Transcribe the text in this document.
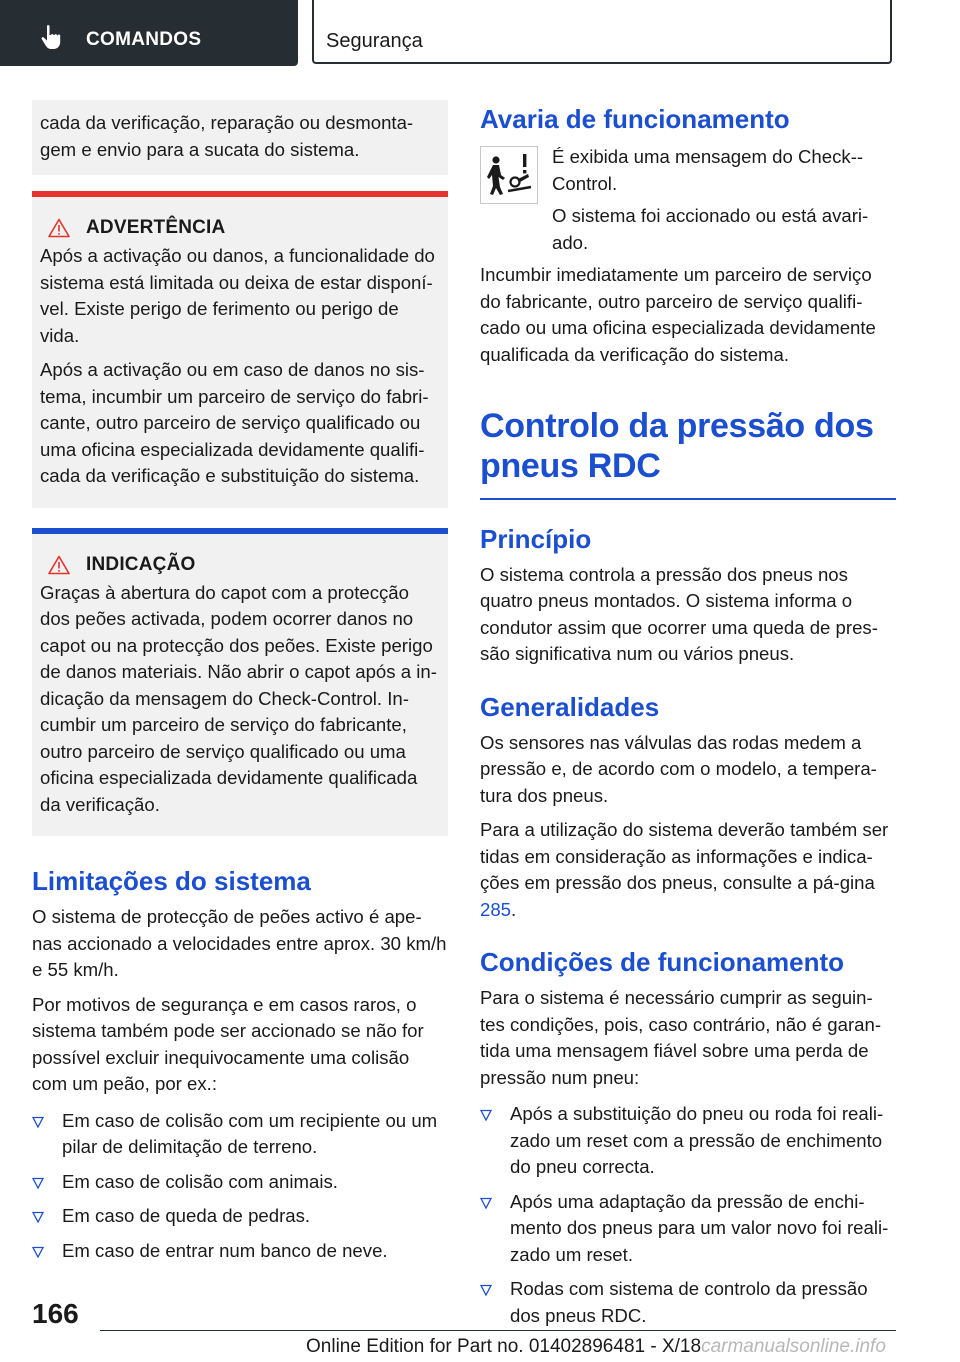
COMANDOS	Segurança

cada da verificação, reparação ou desmonta-gem e envio para a sucata do sistema.

ADVERTÊNCIA

Após a activação ou danos, a funcionalidade do sistema está limitada ou deixa de estar disponí-vel. Existe perigo de ferimento ou perigo de vida.

Após a activação ou em caso de danos no sis-tema, incumbir um parceiro de serviço do fabri-cante, outro parceiro de serviço qualificado ou uma oficina especializada devidamente qualifi-cada da verificação e substituição do sistema.

INDICAÇÃO

Graças à abertura do capot com a protecção dos peões activada, podem ocorrer danos no capot ou na protecção dos peões. Existe perigo de danos materiais. Não abrir o capot após a in-dicação da mensagem do Check-Control. In-cumbir um parceiro de serviço do fabricante, outro parceiro de serviço qualificado ou uma oficina especializada devidamente qualificada da verificação.

Limitações do sistema

O sistema de protecção de peões activo é ape-nas accionado a velocidades entre aprox. 30 km/h e 55 km/h.

Por motivos de segurança e em casos raros, o sistema também pode ser accionado se não for possível excluir inequivocamente uma colisão com um peão, por ex.:

Em caso de colisão com um recipiente ou um pilar de delimitação de terreno.
Em caso de colisão com animais.
Em caso de queda de pedras.
Em caso de entrar num banco de neve.
Avaria de funcionamento

É exibida uma mensagem do Check--Control.

O sistema foi accionado ou está avari-ado.

Incumbir imediatamente um parceiro de serviço do fabricante, outro parceiro de serviço qualifi-cado ou uma oficina especializada devidamente qualificada da verificação do sistema.

Controlo da pressão dos pneus RDC
Princípio

O sistema controla a pressão dos pneus nos quatro pneus montados. O sistema informa o condutor assim que ocorrer uma queda de pres-são significativa num ou vários pneus.

Generalidades

Os sensores nas válvulas das rodas medem a pressão e, de acordo com o modelo, a tempera-tura dos pneus.

Para a utilização do sistema deverão também ser tidas em consideração as informações e indica-ções em pressão dos pneus, consulte a pá-gina 285.

Condições de funcionamento

Para o sistema é necessário cumprir as seguin-tes condições, pois, caso contrário, não é garan-tida uma mensagem fiável sobre uma perda de pressão num pneu:

Após a substituição do pneu ou roda foi reali-zado um reset com a pressão de enchimento do pneu correcta.
Após uma adaptação da pressão de enchi-mento dos pneus para um valor novo foi reali-zado um reset.
Rodas com sistema de controlo da pressão dos pneus RDC.
166
Online Edition for Part no. 01402896481 - X/18carmanualsonline.info
